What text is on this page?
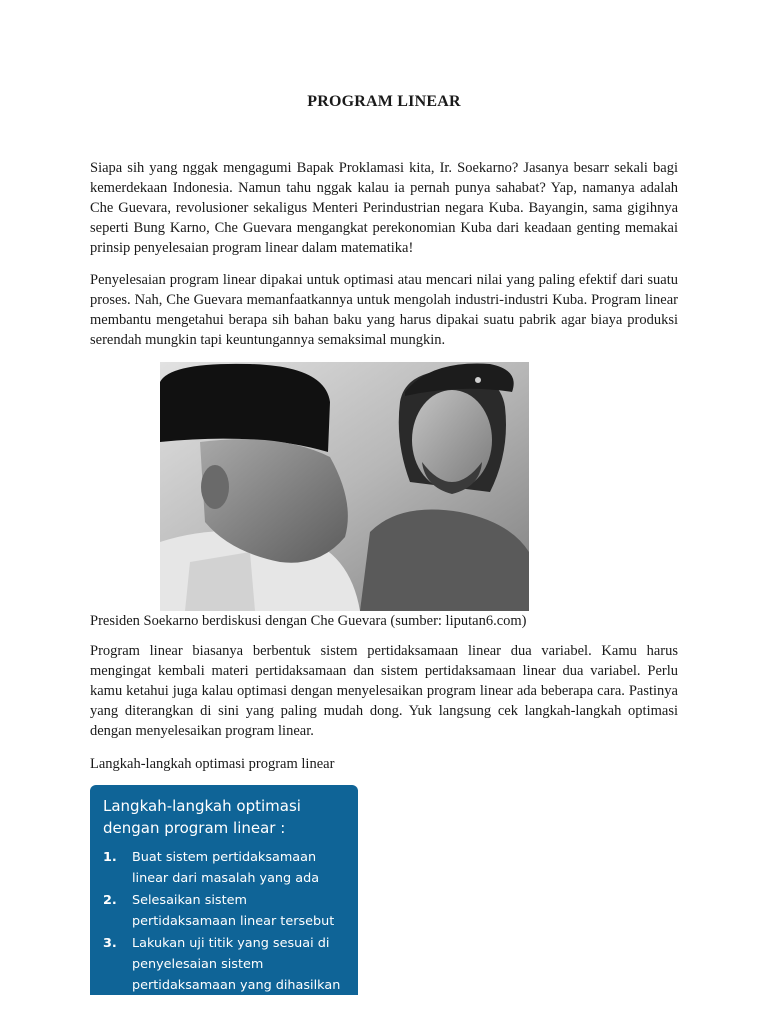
PROGRAM LINEAR

Siapa sih yang nggak mengagumi Bapak Proklamasi kita, Ir. Soekarno? Jasanya besarr sekali bagi kemerdekaan Indonesia. Namun tahu nggak kalau ia pernah punya sahabat? Yap, namanya adalah Che Guevara, revolusioner sekaligus Menteri Perindustrian negara Kuba. Bayangin, sama gigihnya seperti Bung Karno, Che Guevara mengangkat perekonomian Kuba dari keadaan genting memakai prinsip penyelesaian program linear dalam matematika!

Penyelesaian program linear dipakai untuk optimasi atau mencari nilai yang paling efektif dari suatu proses. Nah, Che Guevara memanfaatkannya untuk mengolah industri-industri Kuba. Program linear membantu mengetahui berapa sih bahan baku yang harus dipakai suatu pabrik agar biaya produksi serendah mungkin tapi keuntungannya semaksimal mungkin.

Presiden Soekarno berdiskusi dengan Che Guevara (sumber: liputan6.com)

Program linear biasanya berbentuk sistem pertidaksamaan linear dua variabel. Kamu harus mengingat kembali materi pertidaksamaan dan sistem pertidaksamaan linear dua variabel. Perlu kamu ketahui juga kalau optimasi dengan menyelesaikan program linear ada beberapa cara. Pastinya yang diterangkan di sini yang paling mudah dong. Yuk langsung cek langkah-langkah optimasi dengan menyelesaikan program linear.

Langkah-langkah optimasi program linear

Langkah-langkah optimasi dengan program linear :

1. Buat sistem pertidaksamaan linear dari masalah yang ada
2. Selesaikan sistem pertidaksamaan linear tersebut
3. Lakukan uji titik yang sesuai di penyelesaian sistem pertidaksamaan yang dihasilkan
